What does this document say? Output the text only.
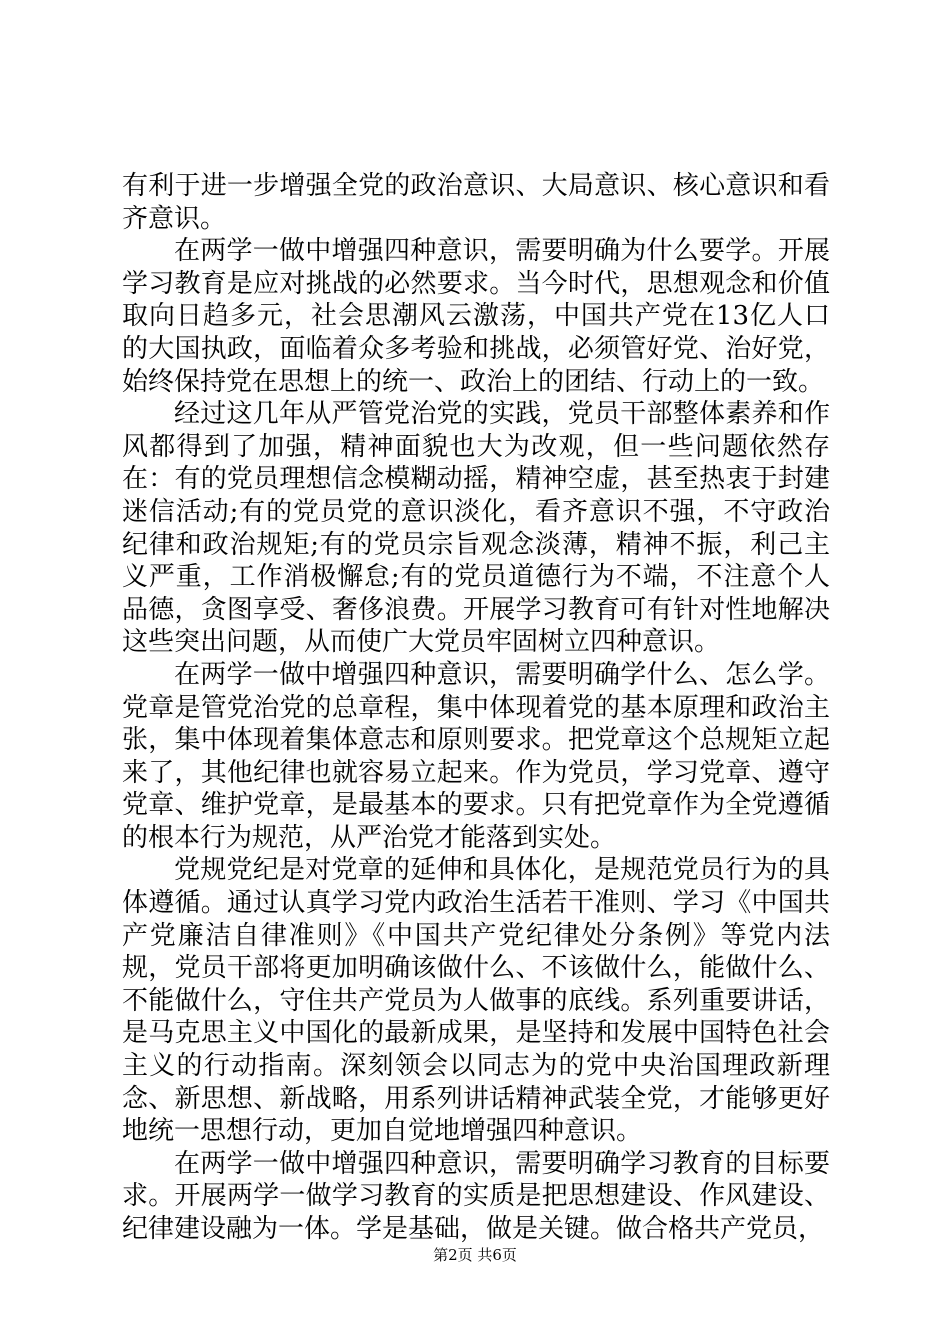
有利于进一步增强全党的政治意识、大局意识、核心意识和看齐意识。

在两学一做中增强四种意识，需要明确为什么要学。开展学习教育是应对挑战的必然要求。当今时代，思想观念和价值取向日趋多元，社会思潮风云激荡，中国共产党在13亿人口的大国执政，面临着众多考验和挑战，必须管好党、治好党，始终保持党在思想上的统一、政治上的团结、行动上的一致。

经过这几年从严管党治党的实践，党员干部整体素养和作风都得到了加强，精神面貌也大为改观，但一些问题依然存在：有的党员理想信念模糊动摇，精神空虚，甚至热衷于封建迷信活动;有的党员党的意识淡化，看齐意识不强，不守政治纪律和政治规矩;有的党员宗旨观念淡薄，精神不振，利己主义严重，工作消极懈怠;有的党员道德行为不端，不注意个人品德，贪图享受、奢侈浪费。开展学习教育可有针对性地解决这些突出问题，从而使广大党员牢固树立四种意识。

在两学一做中增强四种意识，需要明确学什么、怎么学。党章是管党治党的总章程，集中体现着党的基本原理和政治主张，集中体现着集体意志和原则要求。把党章这个总规矩立起来了，其他纪律也就容易立起来。作为党员，学习党章、遵守党章、维护党章，是最基本的要求。只有把党章作为全党遵循的根本行为规范，从严治党才能落到实处。

党规党纪是对党章的延伸和具体化，是规范党员行为的具体遵循。通过认真学习党内政治生活若干准则、学习《中国共产党廉洁自律准则》《中国共产党纪律处分条例》等党内法规，党员干部将更加明确该做什么、不该做什么，能做什么、不能做什么，守住共产党员为人做事的底线。系列重要讲话，是马克思主义中国化的最新成果，是坚持和发展中国特色社会主义的行动指南。深刻领会以同志为的党中央治国理政新理念、新思想、新战略，用系列讲话精神武装全党，才能够更好地统一思想行动，更加自觉地增强四种意识。

在两学一做中增强四种意识，需要明确学习教育的目标要求。开展两学一做学习教育的实质是把思想建设、作风建设、纪律建设融为一体。学是基础，做是关键。做合格共产党员，

第2页 共6页
